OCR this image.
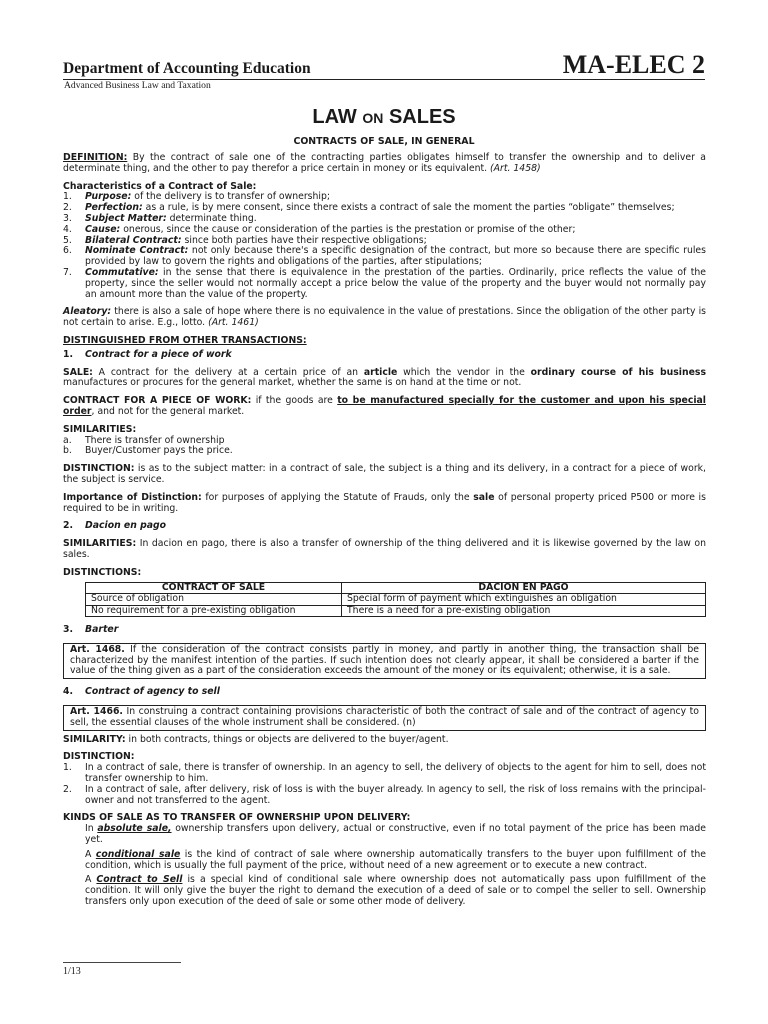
Department of Accounting Education	MA-ELEC 2
Advanced Business Law and Taxation
LAW ON SALES
CONTRACTS OF SALE, IN GENERAL

DEFINITION: By the contract of sale one of the contracting parties obligates himself to transfer the ownership and to deliver a determinate thing, and the other to pay therefor a price certain in money or its equivalent. (Art. 1458)

Characteristics of a Contract of Sale:
1.	Purpose: of the delivery is to transfer of ownership;
2.	Perfection: as a rule, is by mere consent, since there exists a contract of sale the moment the parties “obligate” themselves;
3.	Subject Matter: determinate thing.
4.	Cause: onerous, since the cause or consideration of the parties is the prestation or promise of the other;
5.	Bilateral Contract: since both parties have their respective obligations;
6.	Nominate Contract: not only because there's a specific designation of the contract, but more so because there are specific rules provided by law to govern the rights and obligations of the parties, after stipulations;
7.	Commutative: in the sense that there is equivalence in the prestation of the parties. Ordinarily, price reflects the value of the property, since the seller would not normally accept a price below the value of the property and the buyer would not normally pay an amount more than the value of the property.

Aleatory: there is also a sale of hope where there is no equivalence in the value of prestations. Since the obligation of the other party is not certain to arise. E.g., lotto. (Art. 1461)

DISTINGUISHED FROM OTHER TRANSACTIONS:
1. Contract for a piece of work

SALE: A contract for the delivery at a certain price of an article which the vendor in the ordinary course of his business manufactures or procures for the general market, whether the same is on hand at the time or not.

CONTRACT FOR A PIECE OF WORK: if the goods are to be manufactured specially for the customer and upon his special order, and not for the general market.

SIMILARITIES:
a.	There is transfer of ownership
b.	Buyer/Customer pays the price.

DISTINCTION: is as to the subject matter: in a contract of sale, the subject is a thing and its delivery, in a contract for a piece of work, the subject is service.

Importance of Distinction: for purposes of applying the Statute of Frauds, only the sale of personal property priced P500 or more is required to be in writing.

2. Dacion en pago

SIMILARITIES: In dacion en pago, there is also a transfer of ownership of the thing delivered and it is likewise governed by the law on sales.

DISTINCTIONS:
CONTRACT OF SALE	DACION EN PAGO
Source of obligation	Special form of payment which extinguishes an obligation
No requirement for a pre-existing obligation	There is a need for a pre-existing obligation
3. Barter
Art. 1468. If the consideration of the contract consists partly in money, and partly in another thing, the transaction shall be characterized by the manifest intention of the parties. If such intention does not clearly appear, it shall be considered a barter if the value of the thing given as a part of the consideration exceeds the amount of the money or its equivalent; otherwise, it is a sale.
4. Contract of agency to sell
Art. 1466. In construing a contract containing provisions characteristic of both the contract of sale and of the contract of agency to sell, the essential clauses of the whole instrument shall be considered. (n)

SIMILARITY: in both contracts, things or objects are delivered to the buyer/agent.

DISTINCTION:
1.	In a contract of sale, there is transfer of ownership. In an agency to sell, the delivery of objects to the agent for him to sell, does not transfer ownership to him.
2.	In a contract of sale, after delivery, risk of loss is with the buyer already. In agency to sell, the risk of loss remains with the principal-owner and not transferred to the agent.
KINDS OF SALE AS TO TRANSFER OF OWNERSHIP UPON DELIVERY:

In absolute sale, ownership transfers upon delivery, actual or constructive, even if no total payment of the price has been made yet.

A conditional sale is the kind of contract of sale where ownership automatically transfers to the buyer upon fulfillment of the condition, which is usually the full payment of the price, without need of a new agreement or to execute a new contract.

A Contract to Sell is a special kind of conditional sale where ownership does not automatically pass upon fulfillment of the condition. It will only give the buyer the right to demand the execution of a deed of sale or to compel the seller to sell. Ownership transfers only upon execution of the deed of sale or some other mode of delivery.

1/13
